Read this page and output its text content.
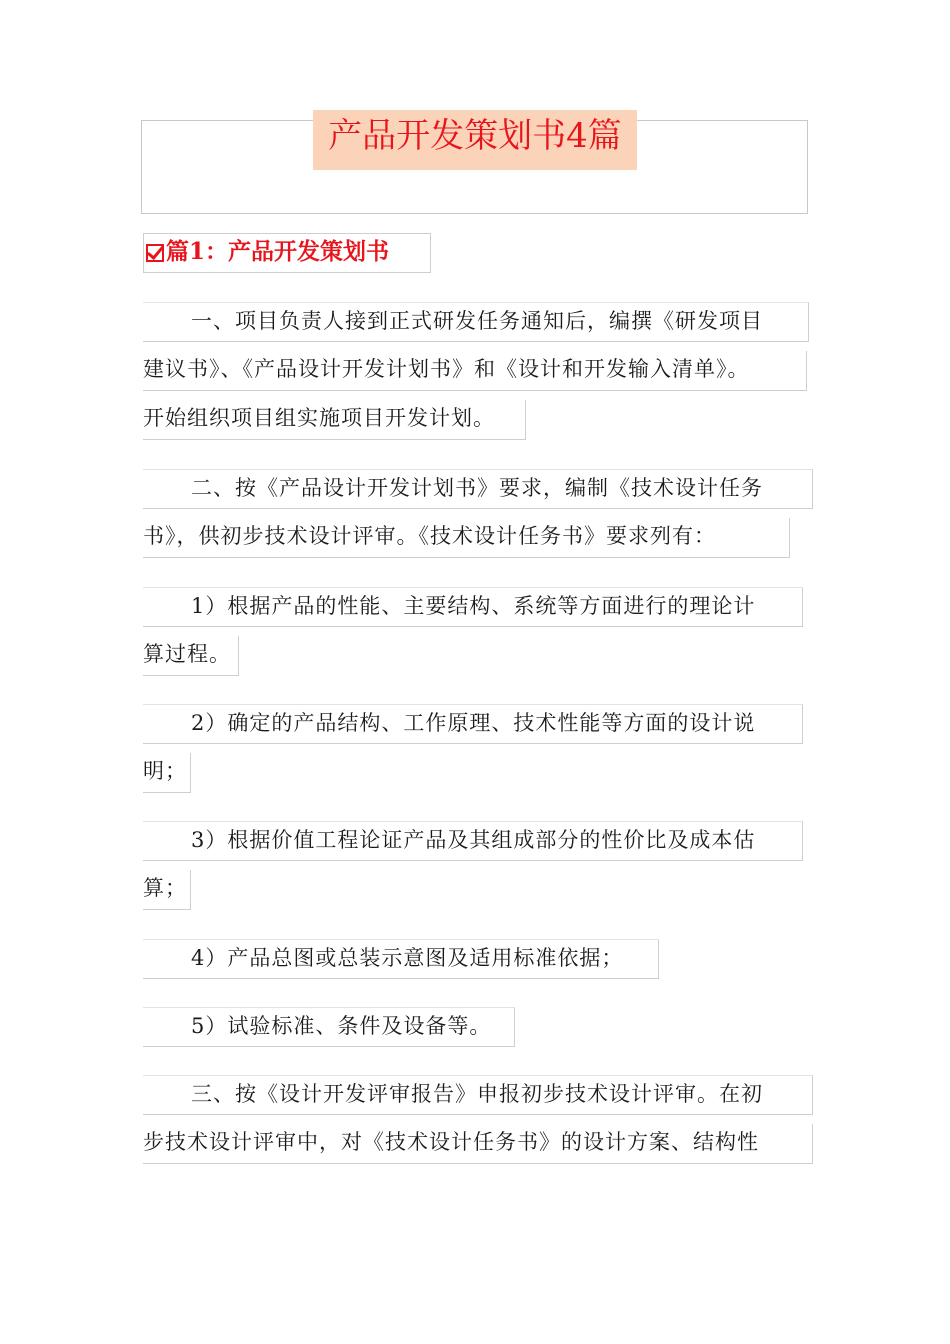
产品开发策划书4篇
篇1：产品开发策划书
一、项目负责人接到正式研发任务通知后，编撰《研发项目
建议书》、《产品设计开发计划书》和《设计和开发输入清单》。
开始组织项目组实施项目开发计划。
二、按《产品设计开发计划书》要求，编制《技术设计任务
书》，供初步技术设计评审。《技术设计任务书》要求列有：
1）根据产品的性能、主要结构、系统等方面进行的理论计
算过程。
2）确定的产品结构、工作原理、技术性能等方面的设计说
明；
3）根据价值工程论证产品及其组成部分的性价比及成本估
算；
4）产品总图或总装示意图及适用标准依据；
5）试验标准、条件及设备等。
三、按《设计开发评审报告》申报初步技术设计评审。在初
步技术设计评审中，对《技术设计任务书》的设计方案、结构性
